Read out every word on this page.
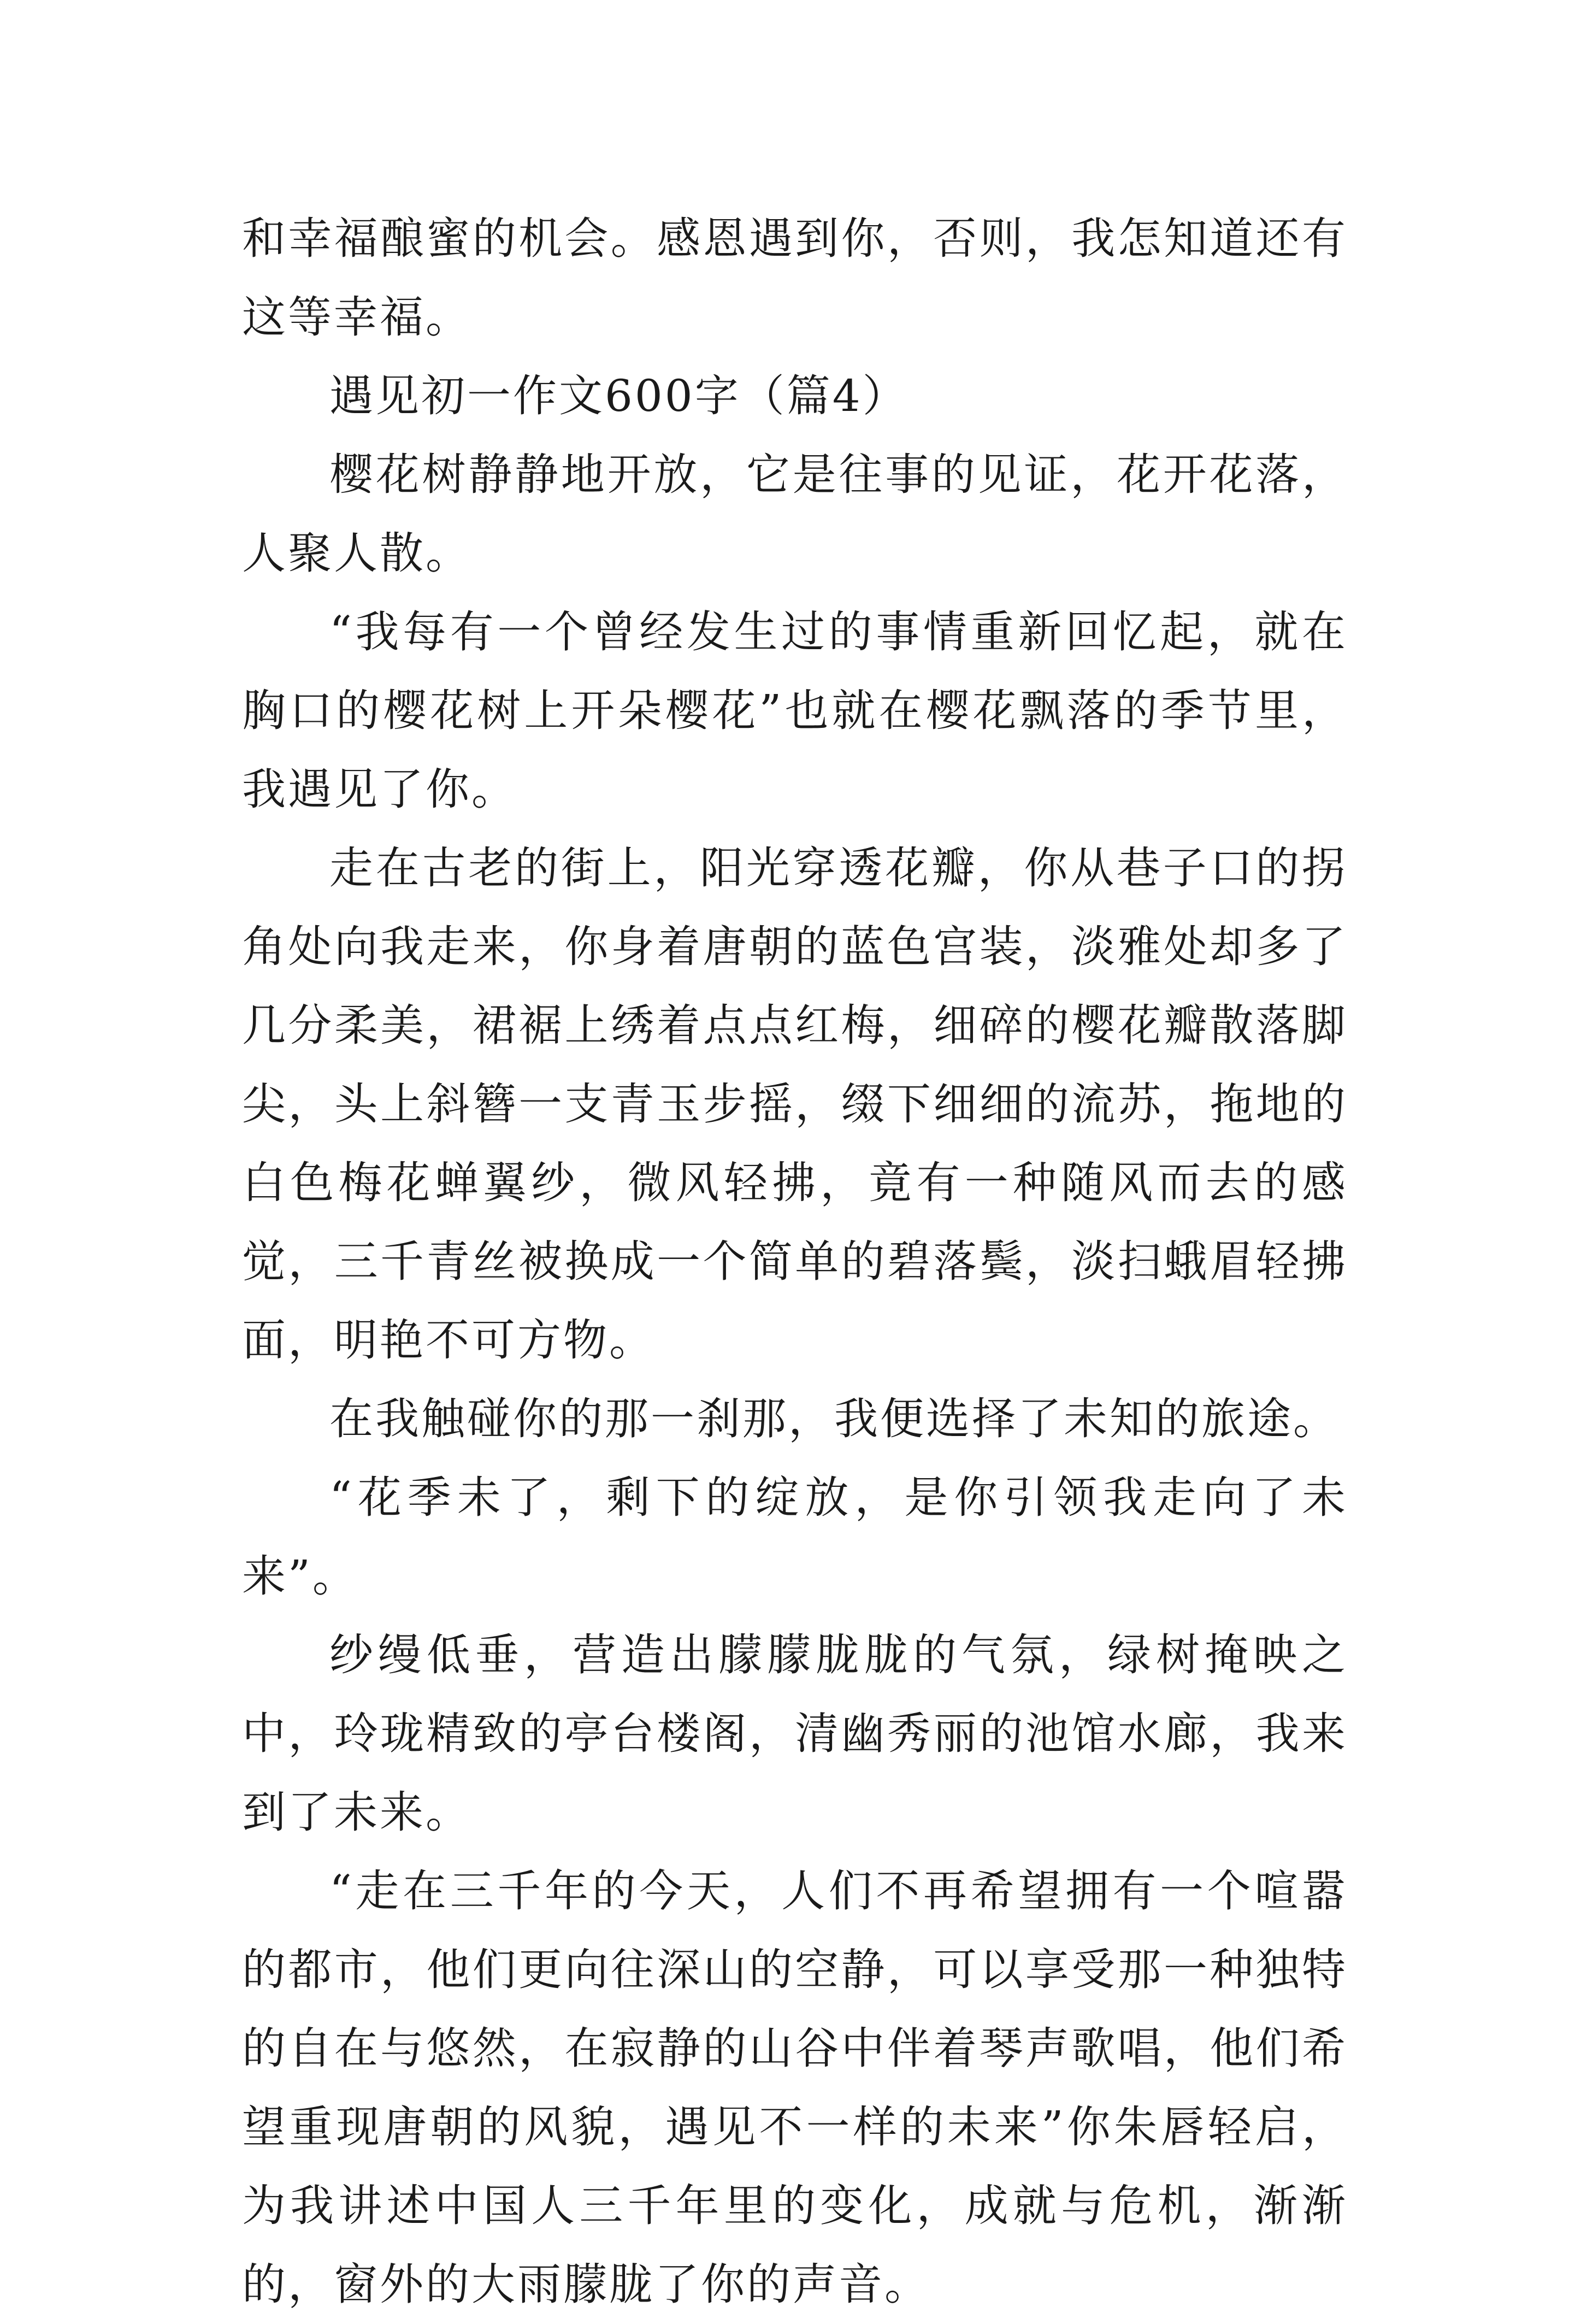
和幸福酿蜜的机会。感恩遇到你，否则，我怎知道还有这等幸福。

遇见初一作文600字（篇4）

樱花树静静地开放，它是往事的见证，花开花落，人聚人散。

“我每有一个曾经发生过的事情重新回忆起，就在胸口的樱花树上开朵樱花”也就在樱花飘落的季节里，我遇见了你。

走在古老的街上，阳光穿透花瓣，你从巷子口的拐角处向我走来，你身着唐朝的蓝色宫装，淡雅处却多了几分柔美，裙裾上绣着点点红梅，细碎的樱花瓣散落脚尖，头上斜簪一支青玉步摇，缀下细细的流苏，拖地的白色梅花蝉翼纱，微风轻拂，竟有一种随风而去的感觉，三千青丝被换成一个简单的碧落鬓，淡扫蛾眉轻拂面，明艳不可方物。

在我触碰你的那一刹那，我便选择了未知的旅途。

“花季未了，剩下的绽放，是你引领我走向了未来”。

纱缦低垂，营造出朦朦胧胧的气氛，绿树掩映之中，玲珑精致的亭台楼阁，清幽秀丽的池馆水廊，我来到了未来。

“走在三千年的今天，人们不再希望拥有一个喧嚣的都市，他们更向往深山的空静，可以享受那一种独特的自在与悠然，在寂静的山谷中伴着琴声歌唱，他们希望重现唐朝的风貌，遇见不一样的未来”你朱唇轻启，为我讲述中国人三千年里的变化，成就与危机，渐渐的，窗外的大雨朦胧了你的声音。
